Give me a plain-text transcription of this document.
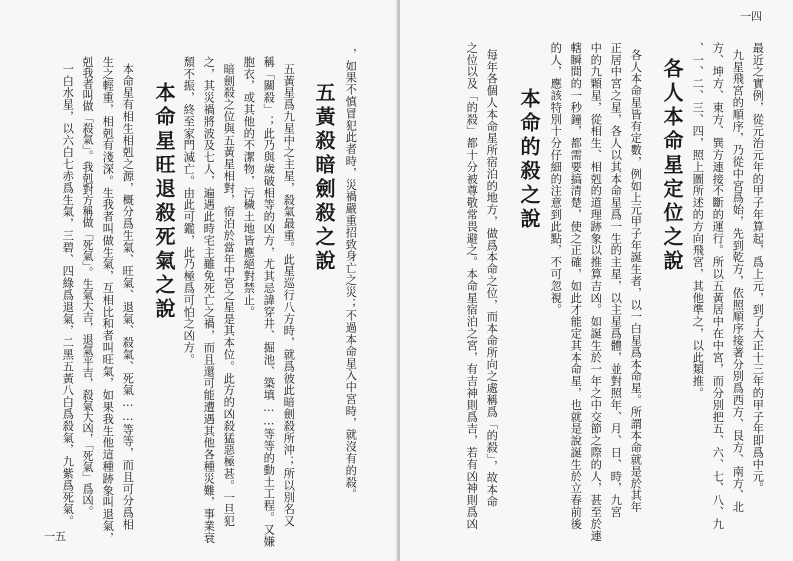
一五
，如果不慎冒犯此者時，災禍嚴重招致身亡之災；不過本命星入中宮時，就沒有的殺。
五黃殺暗劍殺之說
五黃星爲九星中之主星，殺氣最重。此星巡行八方時，就爲彼此暗劍殺所沖；所以別名又
稱「關殺」；此乃與歲破相等的凶方，尤其忌諱穿井、掘池、築填……等等的動土工程。又嫌
胞衣，或其他的不潔物，污穢土地皆應絕對禁止。
暗劍殺之位與五黃星相對，宿泊於當年中宮之星是其本位。此方的凶殺猛惡極甚。一旦犯
之，其災禍將波及七人，遍遇此時宅主雖免死亡之禍，而且還可能遭遇其他各種災難，事業衰
頹不振，終至家門滅亡。由此可鑑，此乃極爲可怕之凶方。
本命星旺退殺死氣之說
本命星有相生相剋之源，概分爲生氣、旺氣、退氣、殺氣、死氣……等等，而且可分爲相
生之輕重，相剋有淺深。生我者叫做生氣，互相比和者叫旺氣，如果我生他這種跡象叫退氣，
剋我者叫做「殺氣」。我剋對方稱做「死氣」。生氣大吉，退氣平吉，殺氣大凶，「死氣」爲凶。
一白水星，以六白七赤爲生氣，三碧、四綠爲退氣，二黑五黃八白爲殺氣，九紫爲死氣。
一四
最近之實例，從元治元年的甲子年算起，爲上元，到了大正十三年的甲子年即爲中元。
九星飛宮的順序，乃從中宮爲始，先到乾方，依照順序接著分別爲西方、艮方、南方、北
方、坤方、東方、巽方連接不斷的運行。所以五黃居中在中宮，而分別把五、六、七、八、九
、一、二、三、四，照上圖所述的方向飛宮，其他準之，以此類推。
各人本命星定位之說
各人本命星皆有定數，例如上元甲子年誕生者，以一白星爲本命星。所謂本命就是於其年
正居中宮之星，各人以其本命星爲一生的主星，以主星爲體，並對照年、月、日、時，九宮
中的九顆星，從相生、相剋的道理跡象以推算吉凶。如誕生於一年之中交節之際的人，甚至於連
轄瞬間的一秒鐘，都需要搞清楚，使之正確，如此才能定其本命星，也就是說誕生於立春前後
的人，應該特別十分仔細的注意到此點，不可忽視。
本命的殺之說
每年各個人本命星所宿泊的地方，做爲本命之位，而本命所向之處稱爲「的殺」，故本命
之位以及「的殺」都十分被尊敬常畏避之。本命星宿泊之宮，有吉神則爲吉，若有凶神則爲凶
